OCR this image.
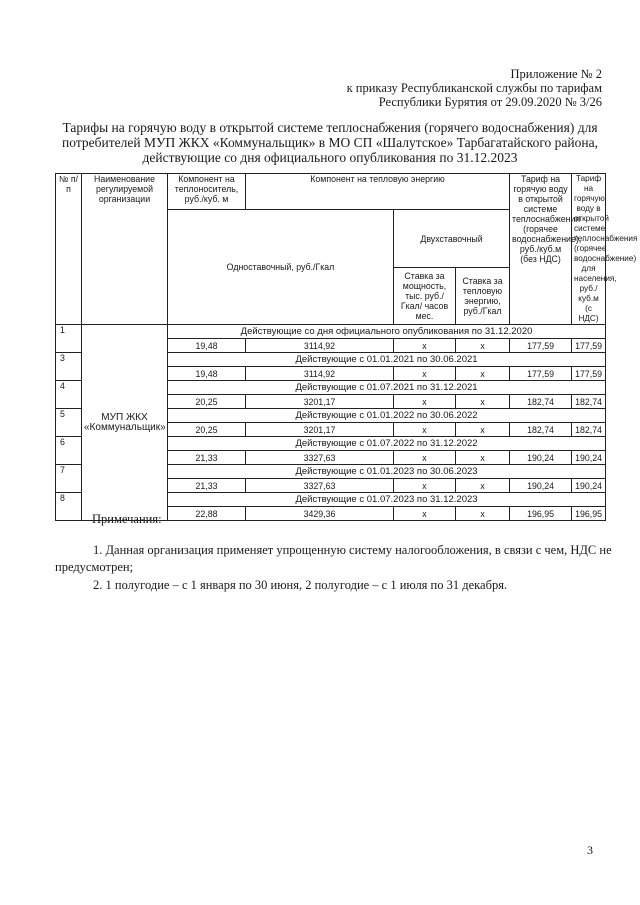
Приложение № 2
к приказу Республиканской службы по тарифам
Республики Бурятия от 29.09.2020 № 3/26
Тарифы на горячую воду в открытой системе теплоснабжения (горячего водоснабжения) для
потребителей МУП ЖКХ «Коммунальщик» в МО СП «Шалутское» Тарбагатайского района,
действующие со дня официального опубликования по 31.12.2023
№ п/п	Наименование регулируемой организации	Компонент на теплоноситель, руб./куб. м	Компонент на тепловую энергию			Тариф на горячую воду в открытой системе теплоснабжения (горячее водоснабжение), руб./куб.м (без НДС)	Тариф на горячую воду в открытой системе теплоснабжения (горячее водоснабжение) для населения, руб./куб.м (с НДС)
		Одноставочный, руб./Гкал		Двухставочный			
				Ставка за мощность, тыс. руб./Гкал/ часов мес.	Ставка за тепловую энергию, руб./Гкал		
1	МУП ЖКХ «Коммунальщик»	Действующие со дня официального опубликования по 31.12.2020					
		19,48	3114,92	х	х	177,59	177,59
3		Действующие с 01.01.2021 по 30.06.2021					
		19,48	3114,92	х	х	177,59	177,59
4		Действующие с 01.07.2021 по 31.12.2021					
		20,25	3201,17	х	х	182,74	182,74
5		Действующие с 01.01.2022 по 30.06.2022					
		20,25	3201,17	х	х	182,74	182,74
6		Действующие с 01.07.2022 по 31.12.2022					
		21,33	3327,63	х	х	190,24	190,24
7		Действующие с 01.01.2023 по 30.06.2023					
		21,33	3327,63	х	х	190,24	190,24
8		Действующие с 01.07.2023 по 31.12.2023					
		22,88	3429,36	х	х	196,95	196,95
Примечания:
1. Данная организация применяет упрощенную систему налогообложения, в связи с чем, НДС не предусмотрен;
2. 1 полугодие – с 1 января по 30 июня, 2 полугодие – с 1 июля по 31 декабря.
3
